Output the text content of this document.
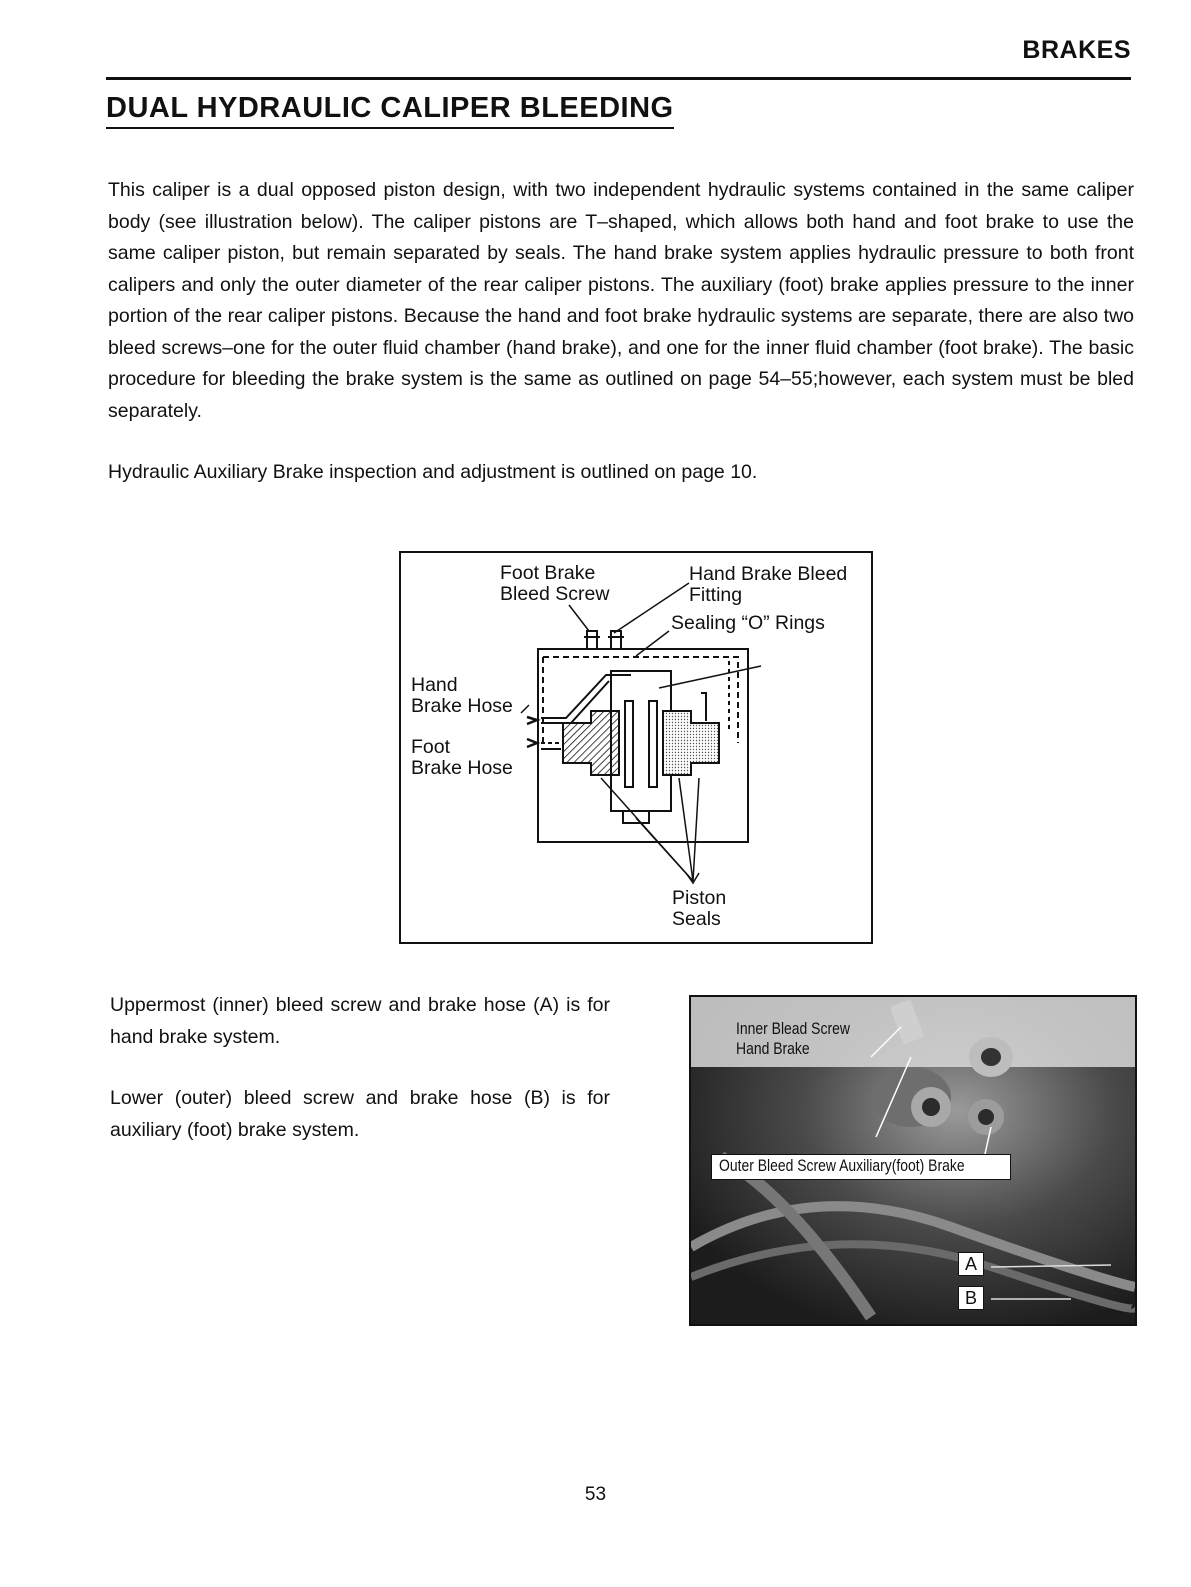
BRAKES
DUAL HYDRAULIC CALIPER BLEEDING
This caliper is a dual opposed piston design, with two independent hydraulic systems contained in the same caliper body (see illustration below). The caliper pistons are T–shaped, which allows both hand and foot brake to use the same caliper piston, but remain separated by seals. The hand brake system applies hydraulic pressure to both front calipers and only the outer diameter of the rear caliper pistons. The auxiliary (foot) brake applies pressure to the inner portion of the rear caliper pistons. Because the hand and foot brake hydraulic systems are separate, there are also two bleed screws–one for the outer fluid chamber (hand brake), and one for the inner fluid chamber (foot brake). The basic procedure for bleeding the brake system is the same as outlined on page 54–55;however, each system must be bled separately.
Hydraulic Auxiliary Brake inspection and adjustment is outlined on page 10.
Foot Brake
Bleed Screw
Hand Brake Bleed
Fitting
Sealing “O” Rings
Hand
Brake Hose
Foot
Brake Hose
Piston
Seals
Uppermost (inner) bleed screw and brake hose (A) is for hand brake system.
Lower (outer) bleed screw and brake hose (B) is for auxiliary (foot) brake system.
Inner Blead Screw
Hand Brake
Outer Bleed Screw Auxiliary(foot) Brake
A
B
53
